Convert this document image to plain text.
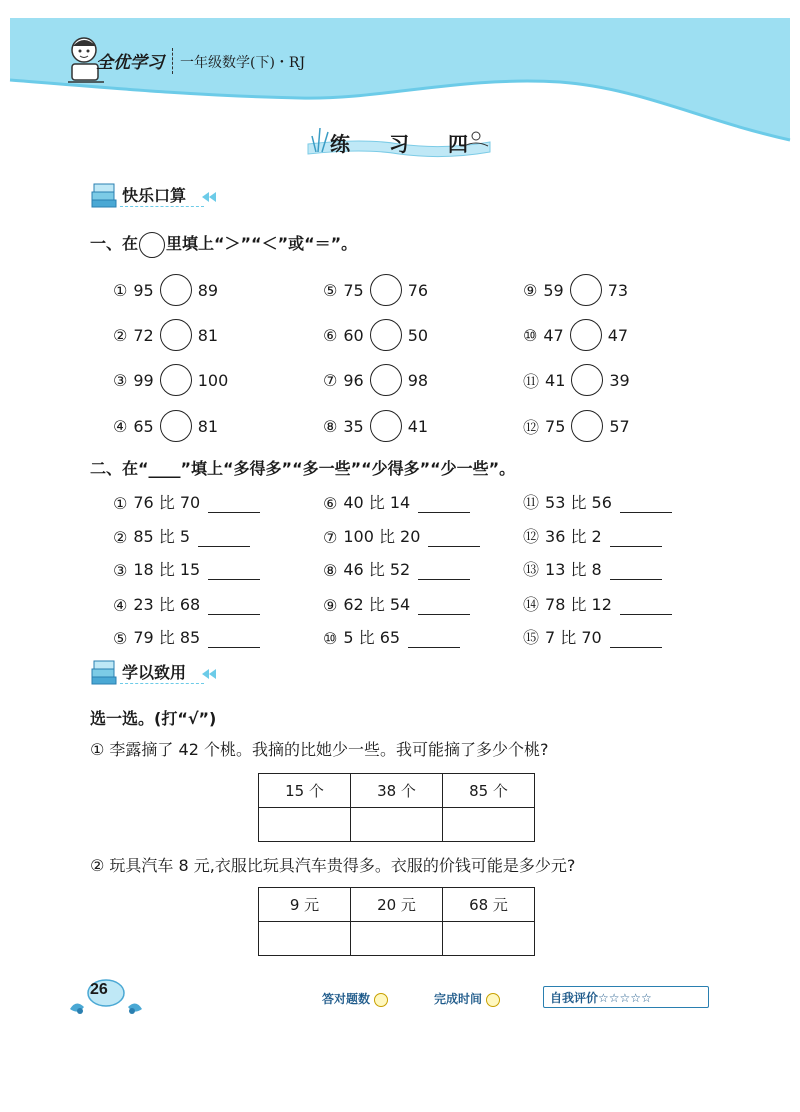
全优学习 一年级数学(下)・RJ
练 习 四
快乐口算
一、在 里填上“＞”“＜”或“＝”。
① 95	89
② 72	81
③ 99	100
④ 65	81
⑤ 75	76
⑥ 60	50
⑦ 96	98
⑧ 35	41
⑨ 59	73
⑩ 47	47
⑪ 41	39
⑫ 75	57
二、在“____”填上“多得多”“多一些”“少得多”“少一些”。
① 76 比 70
② 85 比 5
③ 18 比 15
④ 23 比 68
⑤ 79 比 85
⑥ 40 比 14
⑦ 100 比 20
⑧ 46 比 52
⑨ 62 比 54
⑩ 5 比 65
⑪ 53 比 56
⑫ 36 比 2
⑬ 13 比 8
⑭ 78 比 12
⑮ 7 比 70
学以致用
选一选。(打“√”)
① 李露摘了 42 个桃。我摘的比她少一些。我可能摘了多少个桃?
15 个	38 个	85 个

② 玩具汽车 8 元,衣服比玩具汽车贵得多。衣服的价钱可能是多少元?
9 元	20 元	68 元

26
答对题数	完成时间	自我评价☆☆☆☆☆
